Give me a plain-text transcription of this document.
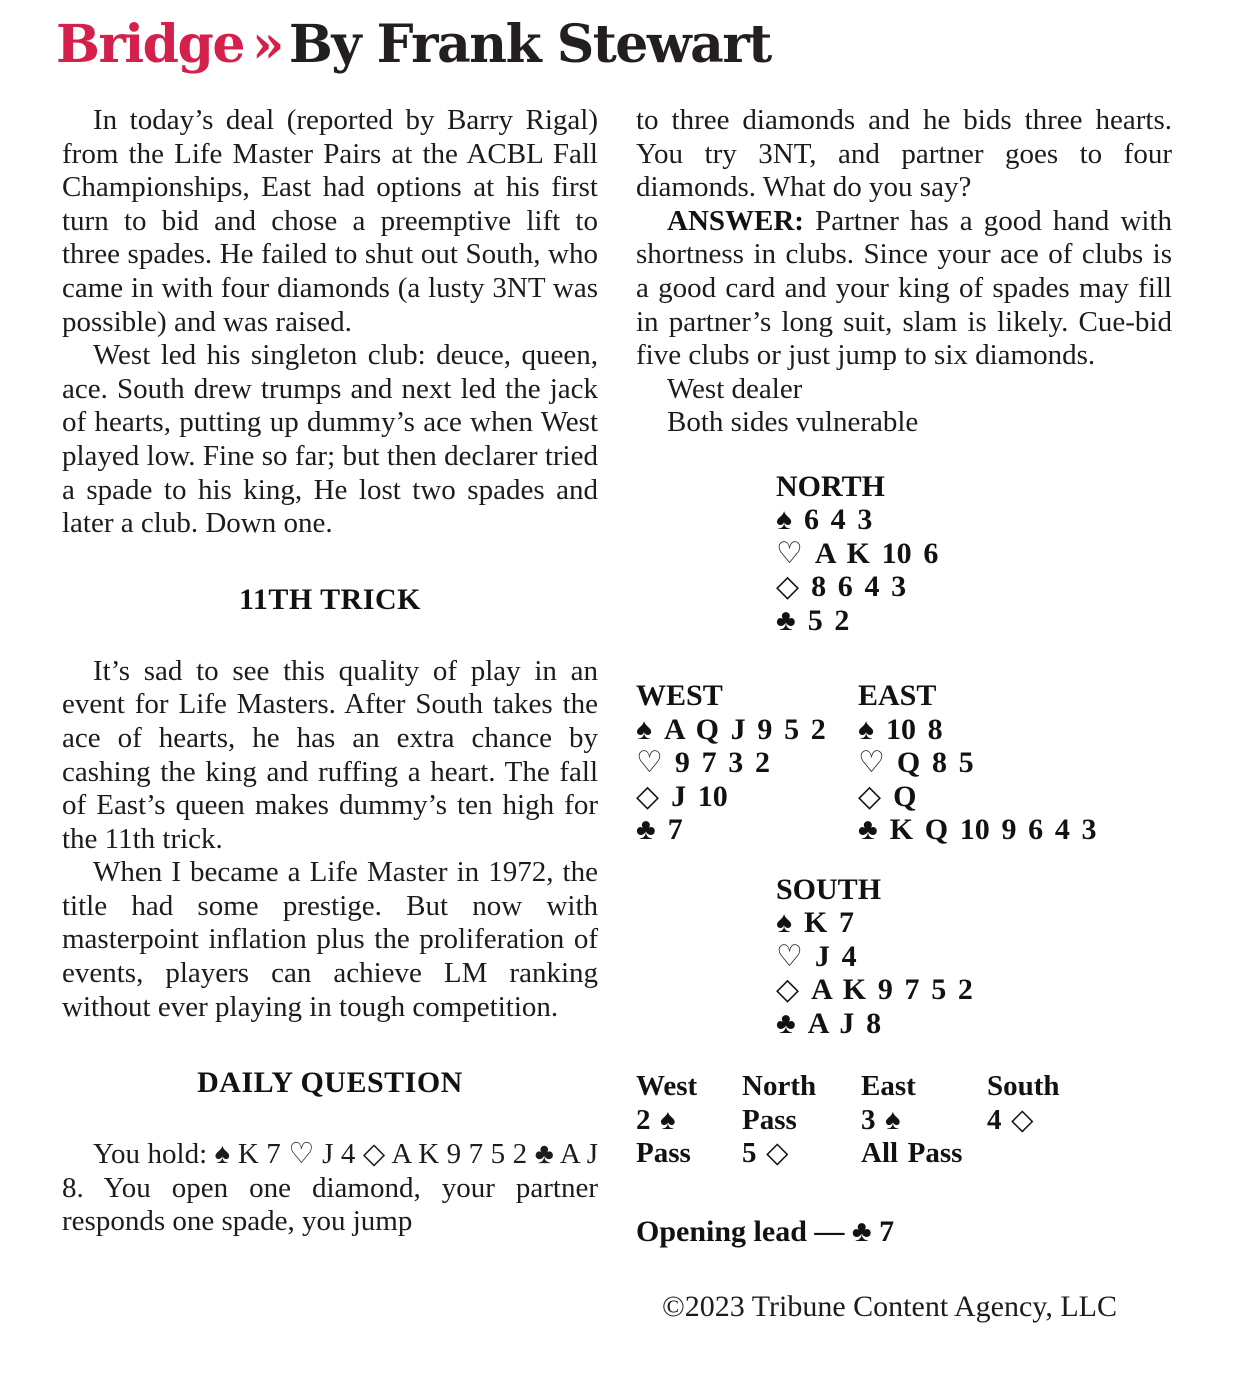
Bridge » By Frank Stewart

In today’s deal (reported by Barry Rigal) from the Life Master Pairs at the ACBL Fall Championships, East had options at his first turn to bid and chose a preemptive lift to three spades. He failed to shut out South, who came in with four diamonds (a lusty 3NT was possible) and was raised.

West led his singleton club: deuce, queen, ace. South drew trumps and next led the jack of hearts, putting up dummy’s ace when West played low. Fine so far; but then declarer tried a spade to his king, He lost two spades and later a club. Down one.

11TH TRICK

It’s sad to see this quality of play in an event for Life Masters. After South takes the ace of hearts, he has an extra chance by cashing the king and ruffing a heart. The fall of East’s queen makes dummy’s ten high for the 11th trick.

When I became a Life Master in 1972, the title had some prestige. But now with masterpoint inflation plus the proliferation of events, players can achieve LM ranking without ever playing in tough competition.

DAILY QUESTION

You hold: ♠ K 7 ♡ J 4 ◇ A K 9 7 5 2 ♣ A J 8. You open one diamond, your partner responds one spade, you jump

to three diamonds and he bids three hearts. You try 3NT, and partner goes to four diamonds. What do you say?

ANSWER: Partner has a good hand with shortness in clubs. Since your ace of clubs is a good card and your king of spades may fill in partner’s long suit, slam is likely. Cue-bid five clubs or just jump to six diamonds.

West dealer

Both sides vulnerable

NORTH
♠ 6 4 3
♡ A K 10 6
◇ 8 6 4 3
♣ 5 2
WEST
♠ A Q J 9 5 2
♡ 9 7 3 2
◇ J 10
♣ 7
EAST
♠ 10 8
♡ Q 8 5
◇ Q
♣ K Q 10 9 6 4 3
SOUTH
♠ K 7
♡ J 4
◇ A K 9 7 5 2
♣ A J 8
West	North	East	South
2 ♠	Pass	3 ♠	4 ◇
Pass	5 ◇	All Pass

Opening lead — ♣ 7

©2023 Tribune Content Agency, LLC
